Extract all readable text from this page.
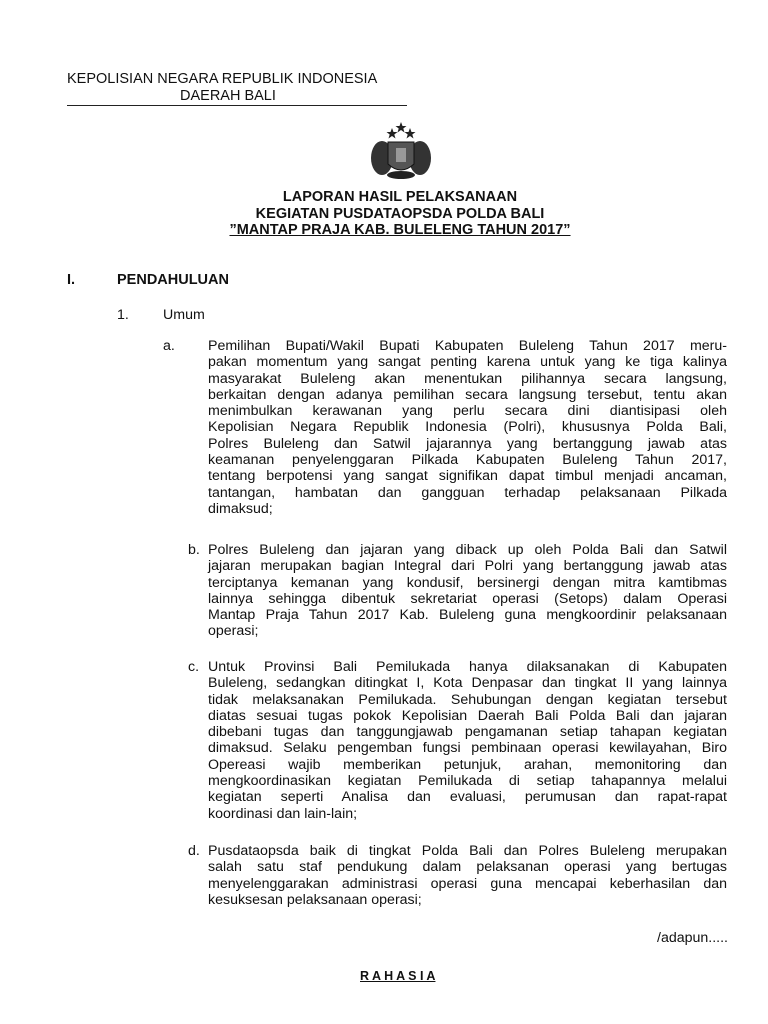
KEPOLISIAN NEGARA REPUBLIK INDONESIA
DAERAH BALI
LAPORAN HASIL PELAKSANAAN
KEGIATAN PUSDATAOPSDA POLDA BALI
”MANTAP PRAJA KAB. BULELENG TAHUN 2017”
I.	PENDAHULUAN
1. Umum
a. Pemilihan Bupati/Wakil Bupati Kabupaten Buleleng Tahun 2017 meru-
pakan momentum yang sangat penting karena untuk yang ke tiga kalinya
masyarakat Buleleng akan menentukan pilihannya secara langsung,
berkaitan dengan adanya pemilihan secara langsung tersebut, tentu akan
menimbulkan kerawanan yang perlu secara dini diantisipasi oleh
Kepolisian Negara Republik Indonesia (Polri), khususnya Polda Bali,
Polres Buleleng dan Satwil jajarannya yang bertanggung jawab atas
keamanan penyelenggaran Pilkada Kabupaten Buleleng Tahun 2017,
tentang berpotensi yang sangat signifikan dapat timbul menjadi ancaman,
tantangan, hambatan dan gangguan terhadap pelaksanaan Pilkada
dimaksud;
b. Polres Buleleng dan jajaran yang diback up oleh Polda Bali dan Satwil
jajaran merupakan bagian Integral dari Polri yang bertanggung jawab atas
terciptanya kemanan yang kondusif, bersinergi dengan mitra kamtibmas
lainnya sehingga dibentuk sekretariat operasi (Setops) dalam Operasi
Mantap Praja Tahun 2017 Kab. Buleleng guna mengkoordinir pelaksanaan
operasi;
c. Untuk Provinsi Bali Pemilukada hanya dilaksanakan di Kabupaten
Buleleng, sedangkan ditingkat I, Kota Denpasar dan tingkat II yang lainnya
tidak melaksanakan Pemilukada. Sehubungan dengan kegiatan tersebut
diatas sesuai tugas pokok Kepolisian Daerah Bali Polda Bali dan jajaran
dibebani tugas dan tanggungjawab pengamanan setiap tahapan kegiatan
dimaksud. Selaku pengemban fungsi pembinaan operasi kewilayahan, Biro
Opereasi wajib memberikan petunjuk, arahan, memonitoring dan
mengkoordinasikan kegiatan Pemilukada di setiap tahapannya melalui
kegiatan seperti Analisa dan evaluasi, perumusan dan rapat-rapat
koordinasi dan lain-lain;
d. Pusdataopsda baik di tingkat Polda Bali dan Polres Buleleng merupakan
salah satu staf pendukung dalam pelaksanan operasi yang bertugas
menyelenggarakan administrasi operasi guna mencapai keberhasilan dan
kesuksesan pelaksanaan operasi;
/adapun.....
R A H A S I A
